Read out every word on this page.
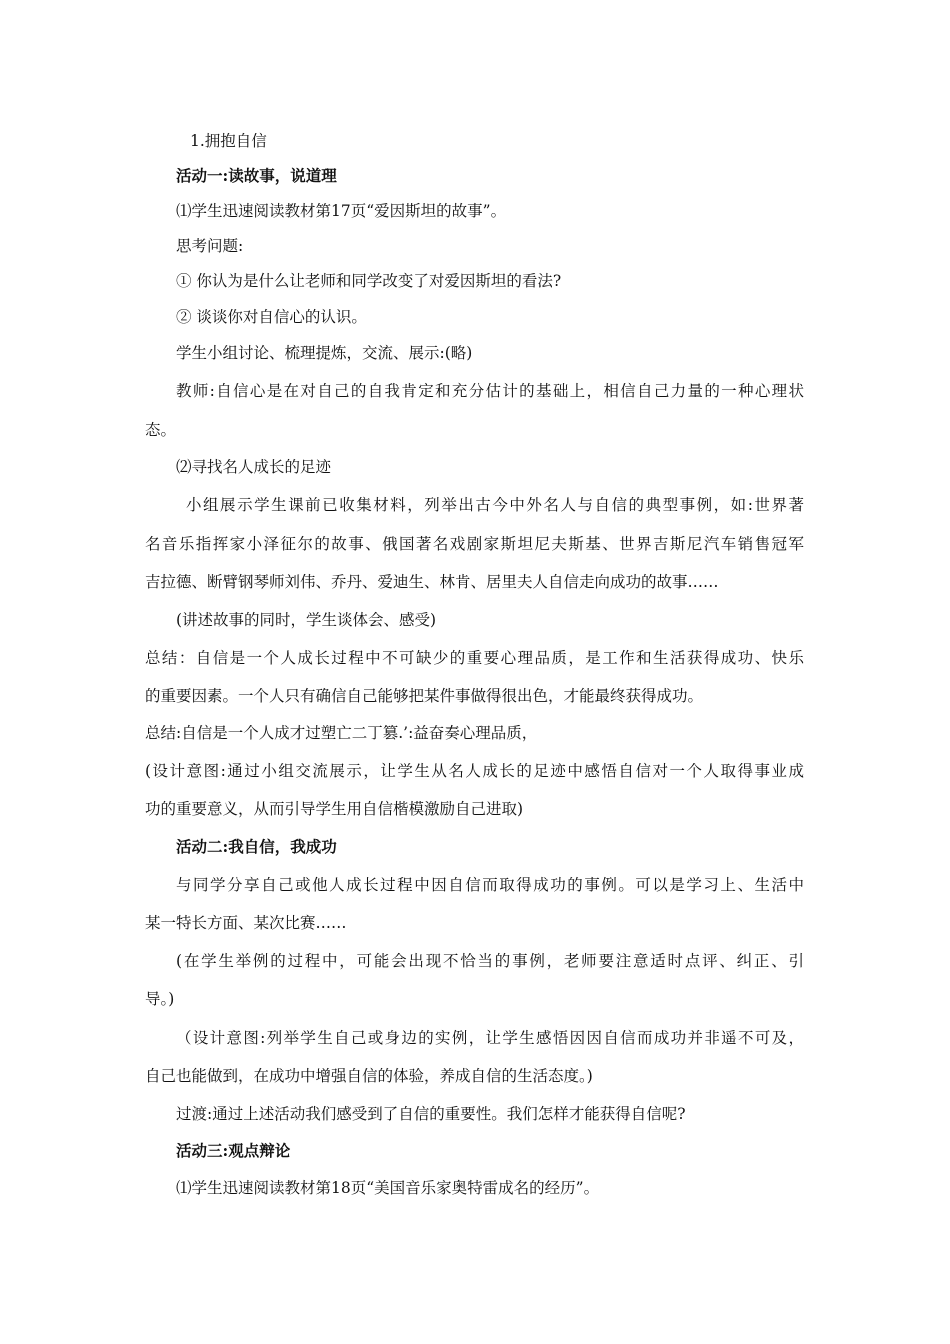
1.拥抱自信
活动一:读故事，说道理
⑴学生迅速阅读教材第17页“爱因斯坦的故事”。
思考问题:
① 你认为是什么让老师和同学改变了对爱因斯坦的看法?
② 谈谈你对自信心的认识。
学生小组讨论、梳理提炼，交流、展示:(略)
教师:自信心是在对自己的自我肯定和充分估计的基础上，相信自己力量的一种心理状
态。
⑵寻找名人成长的足迹
小组展示学生课前已收集材料，列举出古今中外名人与自信的典型事例，如:世界著
名音乐指挥家小泽征尔的故事、俄国著名戏剧家斯坦尼夫斯基、世界吉斯尼汽车销售冠军
吉拉德、断臂钢琴师刘伟、乔丹、爱迪生、林肯、居里夫人自信走向成功的故事……
(讲述故事的同时，学生谈体会、感受)
总结：自信是一个人成长过程中不可缺少的重要心理品质，是工作和生活获得成功、快乐
的重要因素。一个人只有确信自己能够把某件事做得很出色，才能最终获得成功。
总结:自信是一个人成才过塑亡二丁篡.’:益奋奏心理品质，
(设计意图:通过小组交流展示，让学生从名人成长的足迹中感悟自信对一个人取得事业成
功的重要意义，从而引导学生用自信楷模激励自己进取)
活动二:我自信，我成功
与同学分享自己或他人成长过程中因自信而取得成功的事例。可以是学习上、生活中
某一特长方面、某次比赛……
(在学生举例的过程中，可能会出现不恰当的事例，老师要注意适时点评、纠正、引
导。)
（设计意图:列举学生自己或身边的实例，让学生感悟因因自信而成功并非遥不可及，
自己也能做到，在成功中增强自信的体验，养成自信的生活态度。)
过渡:通过上述活动我们感受到了自信的重要性。我们怎样才能获得自信呢?
活动三:观点辩论
⑴学生迅速阅读教材第18页“美国音乐家奥特雷成名的经历”。
